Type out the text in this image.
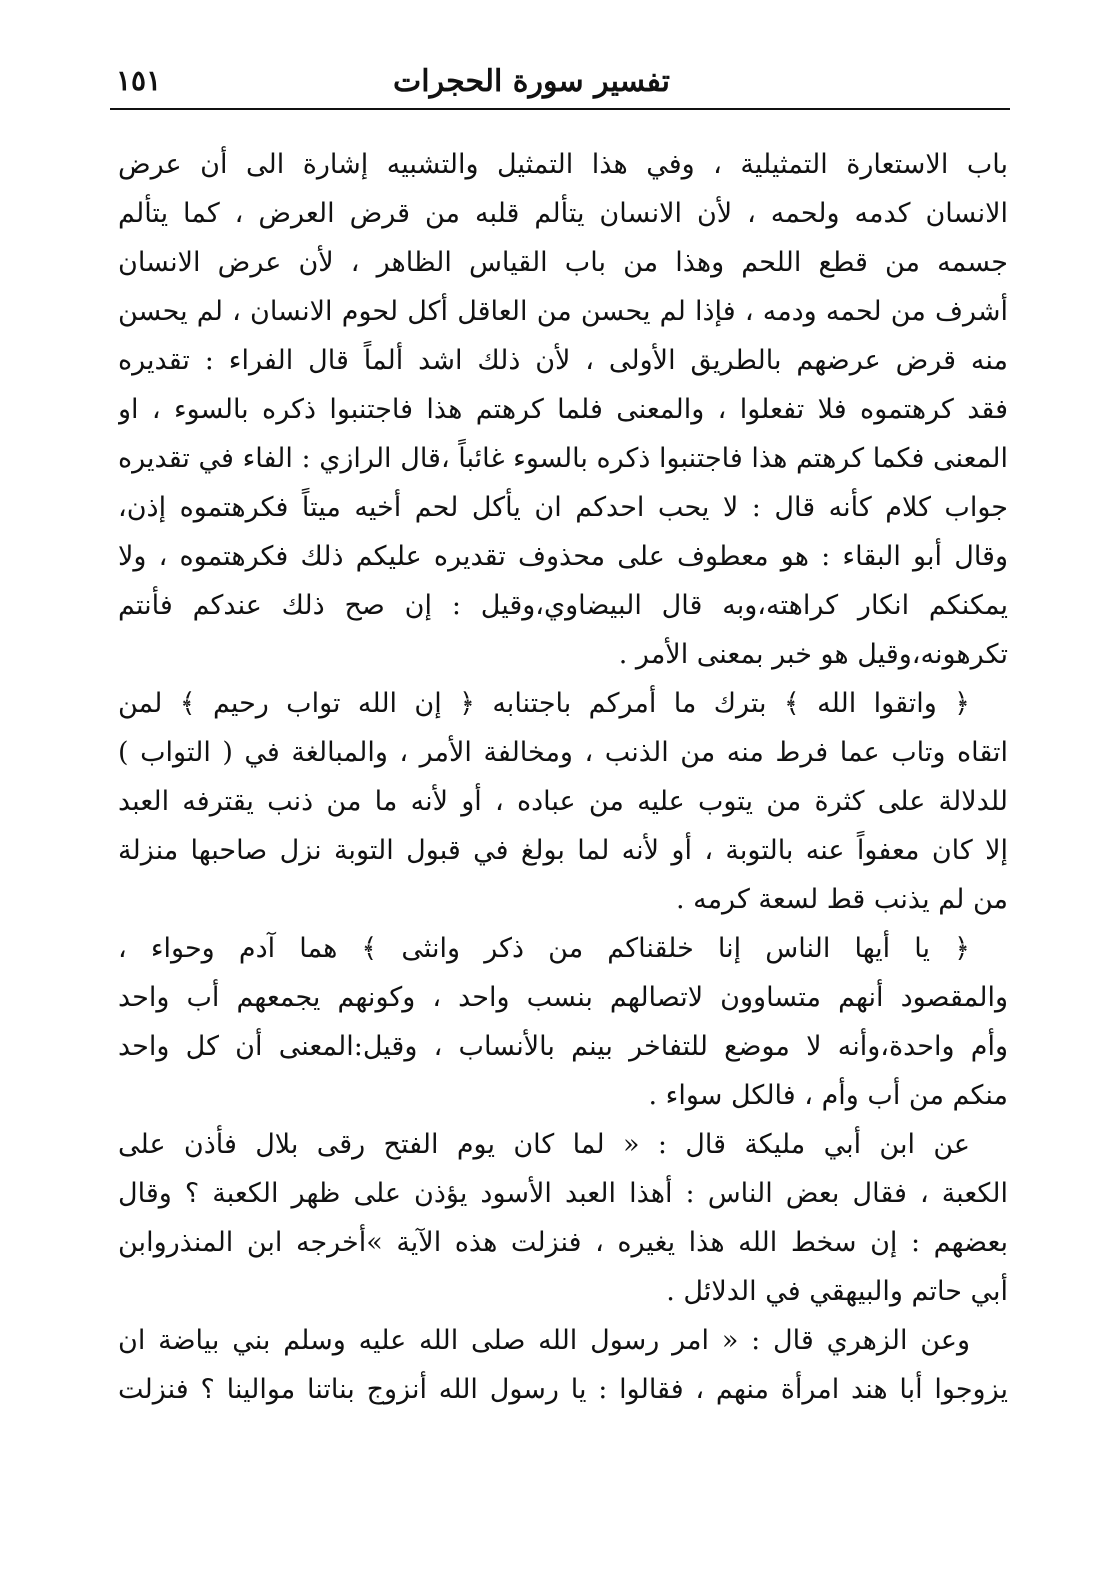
تفسير سورة الحجرات
١٥١
باب الاستعارة التمثيلية ، وفي هذا التمثيل والتشبيه إشارة الى أن عرض
الانسان كدمه ولحمه ، لأن الانسان يتألم قلبه من قرض العرض ، كما يتألم
جسمه من قطع اللحم وهذا من باب القياس الظاهر ، لأن عرض الانسان
أشرف من لحمه ودمه ، فإذا لم يحسن من العاقل أكل لحوم الانسان ، لم يحسن
منه قرض عرضهم بالطريق الأولى ، لأن ذلك اشد ألماً قال الفراء : تقديره
فقد كرهتموه فلا تفعلوا ، والمعنى فلما كرهتم هذا فاجتنبوا ذكره بالسوء ، او
المعنى فكما كرهتم هذا فاجتنبوا ذكره بالسوء غائباً ،قال الرازي : الفاء في تقديره
جواب كلام كأنه قال : لا يحب احدكم ان يأكل لحم أخيه ميتاً فكرهتموه إذن،
وقال أبو البقاء : هو معطوف على محذوف تقديره عليكم ذلك فكرهتموه ، ولا
يمكنكم انكار كراهته،وبه قال البيضاوي،وقيل : إن صح ذلك عندكم فأنتم
تكرهونه،وقيل هو خبر بمعنى الأمر .
﴿ واتقوا الله ﴾ بترك ما أمركم باجتنابه ﴿ إن الله تواب رحيم ﴾ لمن
اتقاه وتاب عما فرط منه من الذنب ، ومخالفة الأمر ، والمبالغة في ( التواب )
للدلالة على كثرة من يتوب عليه من عباده ، أو لأنه ما من ذنب يقترفه العبد
إلا كان معفواً عنه بالتوبة ، أو لأنه لما بولغ في قبول التوبة نزل صاحبها منزلة
من لم يذنب قط لسعة كرمه .
﴿ يا أيها الناس إنا خلقناكم من ذكر وانثى ﴾ هما آدم وحواء ،
والمقصود أنهم متساوون لاتصالهم بنسب واحد ، وكونهم يجمعهم أب واحد
وأم واحدة،وأنه لا موضع للتفاخر بينم بالأنساب ، وقيل:المعنى أن كل واحد
منكم من أب وأم ، فالكل سواء .
عن ابن أبي مليكة قال : « لما كان يوم الفتح رقى بلال فأذن على
الكعبة ، فقال بعض الناس : أهذا العبد الأسود يؤذن على ظهر الكعبة ؟ وقال
بعضهم : إن سخط الله هذا يغيره ، فنزلت هذه الآية »أخرجه ابن المنذروابن
أبي حاتم والبيهقي في الدلائل .
وعن الزهري قال : « امر رسول الله صلى الله عليه وسلم بني بياضة ان
يزوجوا أبا هند امرأة منهم ، فقالوا : يا رسول الله أنزوج بناتنا موالينا ؟ فنزلت
